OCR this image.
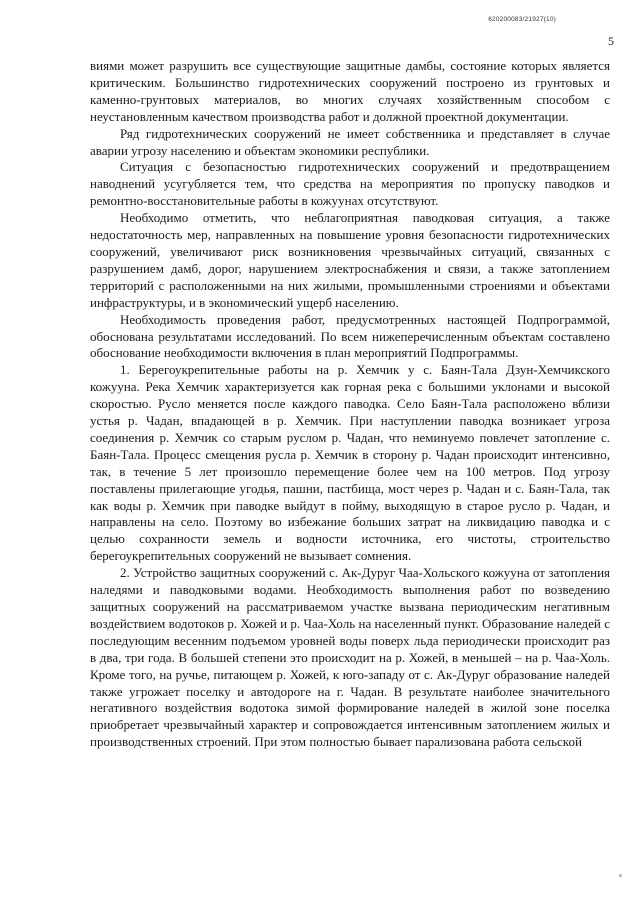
620200083/21927(10)
5

виями может разрушить все существующие защитные дамбы, состояние которых является критическим. Большинство гидротехнических сооружений построено из грунтовых и каменно-грунтовых материалов, во многих случаях хозяйственным способом с неустановленным качеством производства работ и должной проектной документации.

Ряд гидротехнических сооружений не имеет собственника и представляет в случае аварии угрозу населению и объектам экономики республики.

Ситуация с безопасностью гидротехнических сооружений и предотвращением наводнений усугубляется тем, что средства на мероприятия по пропуску паводков и ремонтно-восстановительные работы в кожуунах отсутствуют.

Необходимо отметить, что неблагоприятная паводковая ситуация, а также недостаточность мер, направленных на повышение уровня безопасности гидротехнических сооружений, увеличивают риск возникновения чрезвычайных ситуаций, связанных с разрушением дамб, дорог, нарушением электроснабжения и связи, а также затоплением территорий с расположенными на них жилыми, промышленными строениями и объектами инфраструктуры, и в экономический ущерб населению.

Необходимость проведения работ, предусмотренных настоящей Подпрограммой, обоснована результатами исследований. По всем нижеперечисленным объектам составлено обоснование необходимости включения в план мероприятий Подпрограммы.

1. Берегоукрепительные работы на р. Хемчик у с. Баян-Тала Дзун-Хемчикского кожууна. Река Хемчик характеризуется как горная река с большими уклонами и высокой скоростью. Русло меняется после каждого паводка. Село Баян-Тала расположено вблизи устья р. Чадан, впадающей в р. Хемчик. При наступлении паводка возникает угроза соединения р. Хемчик со старым руслом р. Чадан, что неминуемо повлечет затопление с. Баян-Тала. Процесс смещения русла р. Хемчик в сторону р. Чадан происходит интенсивно, так, в течение 5 лет произошло перемещение более чем на 100 метров. Под угрозу поставлены прилегающие угодья, пашни, пастбища, мост через р. Чадан и с. Баян-Тала, так как воды р. Хемчик при паводке выйдут в пойму, выходящую в старое русло р. Чадан, и направлены на село. Поэтому во избежание больших затрат на ликвидацию паводка и с целью сохранности земель и водности источника, его чистоты, строительство берегоукрепительных сооружений не вызывает сомнения.

2. Устройство защитных сооружений с. Ак-Дуруг Чаа-Хольского кожууна от затопления наледями и паводковыми водами. Необходимость выполнения работ по возведению защитных сооружений на рассматриваемом участке вызвана периодическим негативным воздействием водотоков р. Хожей и р. Чаа-Холь на населенный пункт. Образование наледей с последующим весенним подъемом уровней воды поверх льда периодически происходит раз в два, три года. В большей степени это происходит на р. Хожей, в меньшей – на р. Чаа-Холь. Кроме того, на ручье, питающем р. Хожей, к юго-западу от с. Ак-Дуруг образование наледей также угрожает поселку и автодороге на г. Чадан. В результате наиболее значительного негативного воздействия водотока зимой формирование наледей в жилой зоне поселка приобретает чрезвычайный характер и сопровождается интенсивным затоплением жилых и производственных строений. При этом полностью бывает парализована работа сельской
